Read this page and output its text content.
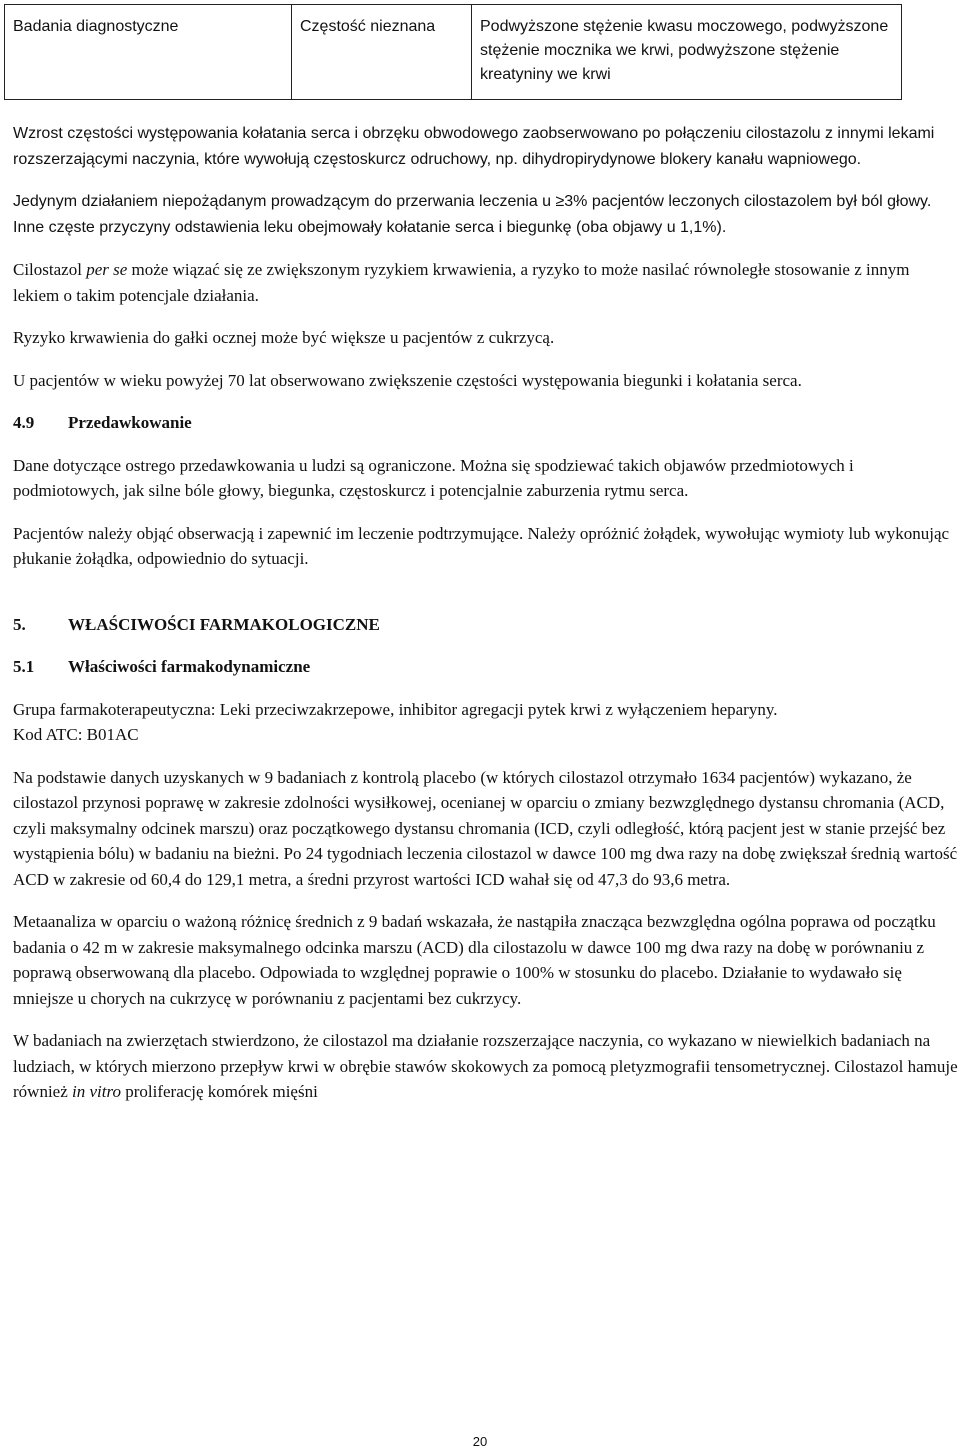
Badania diagnostyczne	Częstość nieznana	Podwyższone stężenie kwasu moczowego, podwyższone stężenie mocznika we krwi, podwyższone stężenie kreatyniny we krwi

Wzrost częstości występowania kołatania serca i obrzęku obwodowego zaobserwowano po połączeniu cilostazolu z innymi lekami rozszerzającymi naczynia, które wywołują częstoskurcz odruchowy, np. dihydropirydynowe blokery kanału wapniowego.

Jedynym działaniem niepożądanym prowadzącym do przerwania leczenia u ≥3% pacjentów leczonych cilostazolem był ból głowy. Inne częste przyczyny odstawienia leku obejmowały kołatanie serca i biegunkę (oba objawy u 1,1%).

Cilostazol per se może wiązać się ze zwiększonym ryzykiem krwawienia, a ryzyko to może nasilać równoległe stosowanie z innym lekiem o takim potencjale działania.

Ryzyko krwawienia do gałki ocznej może być większe u pacjentów z cukrzycą.

U pacjentów w wieku powyżej 70 lat obserwowano zwiększenie częstości występowania biegunki i kołatania serca.

4.9 Przedawkowanie

Dane dotyczące ostrego przedawkowania u ludzi są ograniczone. Można się spodziewać takich objawów przedmiotowych i podmiotowych, jak silne bóle głowy, biegunka, częstoskurcz i potencjalnie zaburzenia rytmu serca.

Pacjentów należy objąć obserwacją i zapewnić im leczenie podtrzymujące. Należy opróżnić żołądek, wywołując wymioty lub wykonując płukanie żołądka, odpowiednio do sytuacji.

5. WŁAŚCIWOŚCI FARMAKOLOGICZNE

5.1 Właściwości farmakodynamiczne

Grupa farmakoterapeutyczna: Leki przeciwzakrzepowe, inhibitor agregacji pytek krwi z wyłączeniem heparyny.

Kod ATC: B01AC

Na podstawie danych uzyskanych w 9 badaniach z kontrolą placebo (w których cilostazol otrzymało 1634 pacjentów) wykazano, że cilostazol przynosi poprawę w zakresie zdolności wysiłkowej, ocenianej w oparciu o zmiany bezwzględnego dystansu chromania (ACD, czyli maksymalny odcinek marszu) oraz początkowego dystansu chromania (ICD, czyli odległość, którą pacjent jest w stanie przejść bez wystąpienia bólu) w badaniu na bieżni. Po 24 tygodniach leczenia cilostazol w dawce 100 mg dwa razy na dobę zwiększał średnią wartość ACD w zakresie od 60,4 do 129,1 metra, a średni przyrost wartości ICD wahał się od 47,3 do 93,6 metra.

Metaanaliza w oparciu o ważoną różnicę średnich z 9 badań wskazała, że nastąpiła znacząca bezwzględna ogólna poprawa od początku badania o 42 m w zakresie maksymalnego odcinka marszu (ACD) dla cilostazolu w dawce 100 mg dwa razy na dobę w porównaniu z poprawą obserwowaną dla placebo. Odpowiada to względnej poprawie o 100% w stosunku do placebo. Działanie to wydawało się mniejsze u chorych na cukrzycę w porównaniu z pacjentami bez cukrzycy.

W badaniach na zwierzętach stwierdzono, że cilostazol ma działanie rozszerzające naczynia, co wykazano w niewielkich badaniach na ludziach, w których mierzono przepływ krwi w obrębie stawów skokowych za pomocą pletyzmografii tensometrycznej. Cilostazol hamuje również in vitro proliferację komórek mięśni

20
